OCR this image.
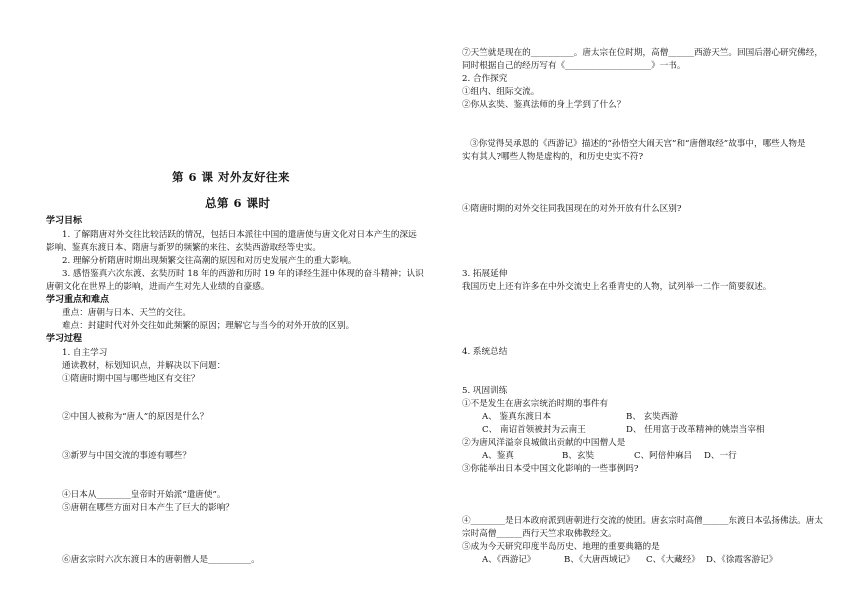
第 6 课 对外友好往来
总第 6 课时
学习目标
1. 了解隋唐对外交往比较活跃的情况，包括日本派往中国的遣唐使与唐文化对日本产生的深远
影响、鉴真东渡日本、隋唐与新罗的频繁的来往、玄奘西游取经等史实。
2. 理解分析隋唐时期出现频繁交往高潮的原因和对历史发展产生的重大影响。
3. 感悟鉴真六次东渡、玄奘历时 18 年的西游和历时 19 年的译经生涯中体现的奋斗精神；认识
唐朝文化在世界上的影响，进而产生对先人业绩的自豪感。
学习重点和难点
重点：唐朝与日本、天竺的交往。
难点：封建时代对外交往如此频繁的原因；理解它与当今的对外开放的区别。
学习过程
1. 自主学习
通读教材，标划知识点，并解决以下问题：
①隋唐时期中国与哪些地区有交往？
②中国人被称为“唐人”的原因是什么？
③新罗与中国交流的事迹有哪些？
④日本从________皇帝时开始派“遣唐使”。
⑤唐朝在哪些方面对日本产生了巨大的影响？
⑥唐玄宗时六次东渡日本的唐朝僧人是__________。
⑦天竺就是现在的__________。唐太宗在位时期，高僧______西游天竺。回国后潜心研究佛经，
同时根据自己的经历写有《____________________》一书。
2. 合作探究
①组内、组际交流。
②你从玄奘、鉴真法师的身上学到了什么？
③你觉得吴承恩的《西游记》描述的“孙悟空大闹天宫”和“唐僧取经”故事中，哪些人物是
实有其人?哪些人物是虚构的，和历史史实不符?
④隋唐时期的对外交往同我国现在的对外开放有什么区别?
3. 拓展延伸
我国历史上还有许多在中外交流史上名垂青史的人物，试列举一二作一简要叙述。
4. 系统总结
5. 巩固训练
①不是发生在唐玄宗统治时期的事件有
A、 鉴真东渡日本	B、 玄奘西游
C、 南诏首领被封为云南王	D、 任用富于改革精神的姚崇当宰相
②为唐风洋溢奈良城做出贡献的中国僧人是
A、鉴真	B、玄奘	C、阿倍仲麻吕 D、一行
③你能举出日本受中国文化影响的一些事例吗?
④________是日本政府派到唐朝进行交流的使团。唐玄宗时高僧______东渡日本弘扬佛法。唐太
宗时高僧______西行天竺求取佛教经文。
⑤成为今天研究印度半岛历史、地理的重要典籍的是
A、《西游记》	B、《大唐西域记》 C、《大藏经》 D、《徐霞客游记》
